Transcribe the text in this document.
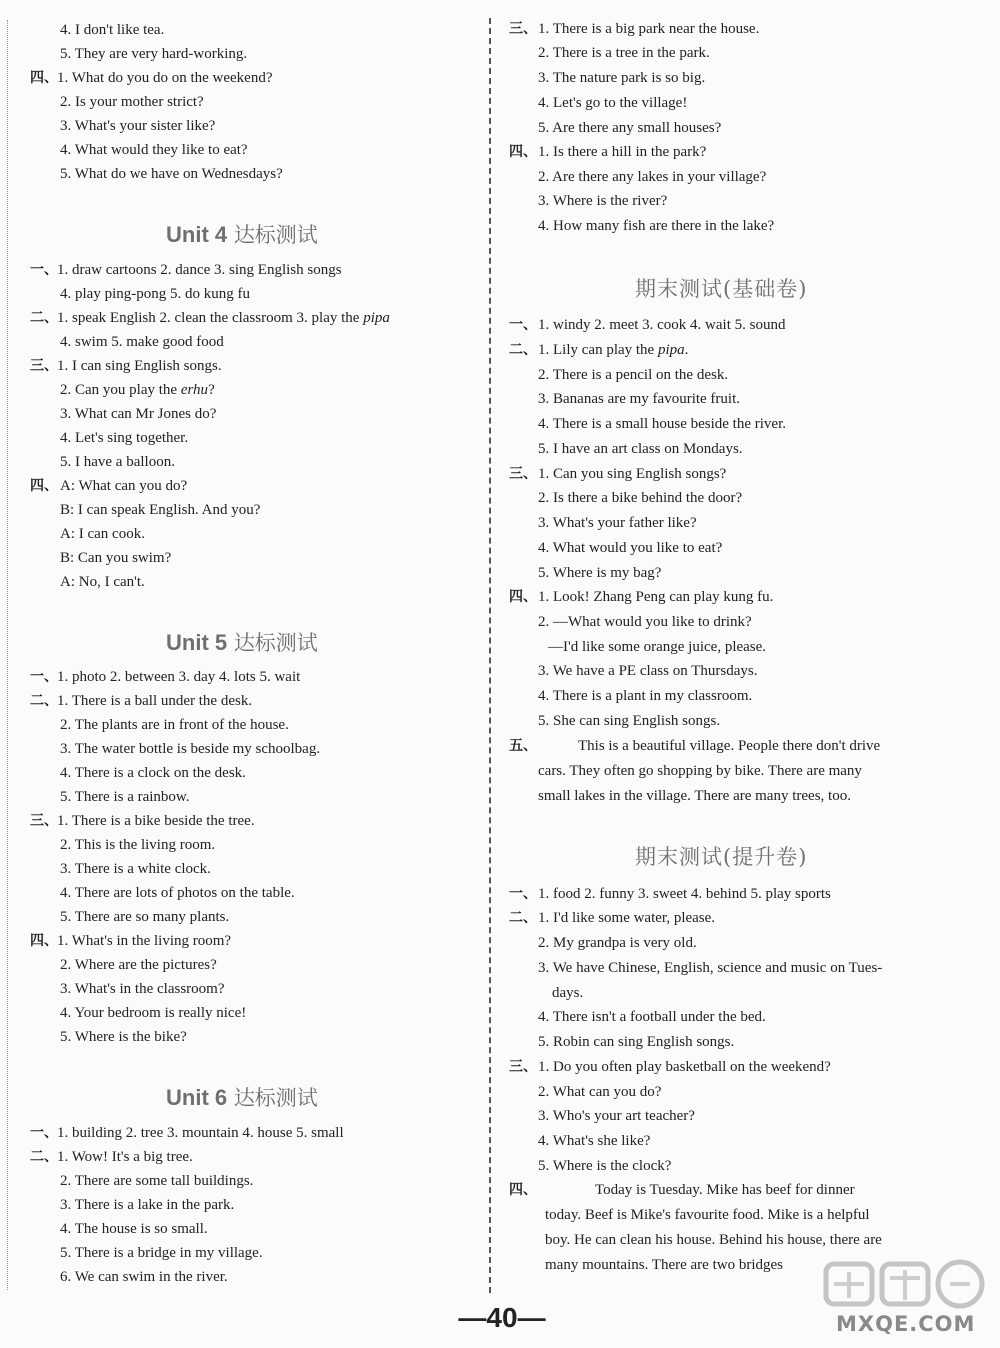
4. I don't like tea.
5. They are very hard-working.
四、 1. What do you do on the weekend?
2. Is your mother strict?
3. What's your sister like?
4. What would they like to eat?
5. What do we have on Wednesdays?
Unit 4 达标测试
一、 1. draw cartoons 2. dance 3. sing English songs
4. play ping-pong 5. do kung fu
二、 1. speak English 2. clean the classroom 3. play the pipa
4. swim 5. make good food
三、 1. I can sing English songs.
2. Can you play the erhu?
3. What can Mr Jones do?
4. Let's sing together.
5. I have a balloon.
四、 A: What can you do?
B: I can speak English. And you?
A: I can cook.
B: Can you swim?
A: No, I can't.
Unit 5 达标测试
一、 1. photo 2. between 3. day 4. lots 5. wait
二、 1. There is a ball under the desk.
2. The plants are in front of the house.
3. The water bottle is beside my schoolbag.
4. There is a clock on the desk.
5. There is a rainbow.
三、 1. There is a bike beside the tree.
2. This is the living room.
3. There is a white clock.
4. There are lots of photos on the table.
5. There are so many plants.
四、 1. What's in the living room?
2. Where are the pictures?
3. What's in the classroom?
4. Your bedroom is really nice!
5. Where is the bike?
Unit 6 达标测试
一、 1. building 2. tree 3. mountain 4. house 5. small
二、 1. Wow! It's a big tree.
2. There are some tall buildings.
3. There is a lake in the park.
4. The house is so small.
5. There is a bridge in my village.
6. We can swim in the river.
三、 1. There is a big park near the house.
2. There is a tree in the park.
3. The nature park is so big.
4. Let's go to the village!
5. Are there any small houses?
四、 1. Is there a hill in the park?
2. Are there any lakes in your village?
3. Where is the river?
4. How many fish are there in the lake?
期末测试(基础卷)
一、 1. windy 2. meet 3. cook 4. wait 5. sound
二、 1. Lily can play the pipa.
2. There is a pencil on the desk.
3. Bananas are my favourite fruit.
4. There is a small house beside the river.
5. I have an art class on Mondays.
三、 1. Can you sing English songs?
2. Is there a bike behind the door?
3. What's your father like?
4. What would you like to eat?
5. Where is my bag?
四、 1. Look! Zhang Peng can play kung fu.
2. —What would you like to drink?
—I'd like some orange juice, please.
3. We have a PE class on Thursdays.
4. There is a plant in my classroom.
5. She can sing English songs.
五、	This is a beautiful village. People there don't drive
cars. They often go shopping by bike. There are many
small lakes in the village. There are many trees, too.
期末测试(提升卷)
一、 1. food 2. funny 3. sweet 4. behind 5. play sports
二、 1. I'd like some water, please.
2. My grandpa is very old.
3. We have Chinese, English, science and music on Tues-
days.
4. There isn't a football under the bed.
5. Robin can sing English songs.
三、 1. Do you often play basketball on the weekend?
2. What can you do?
3. Who's your art teacher?
4. What's she like?
5. Where is the clock?
四、	Today is Tuesday. Mike has beef for dinner
today. Beef is Mike's favourite food. Mike is a helpful
boy. He can clean his house. Behind his house, there are
many mountains. There are two bridges
—40—	MXQE.COM
